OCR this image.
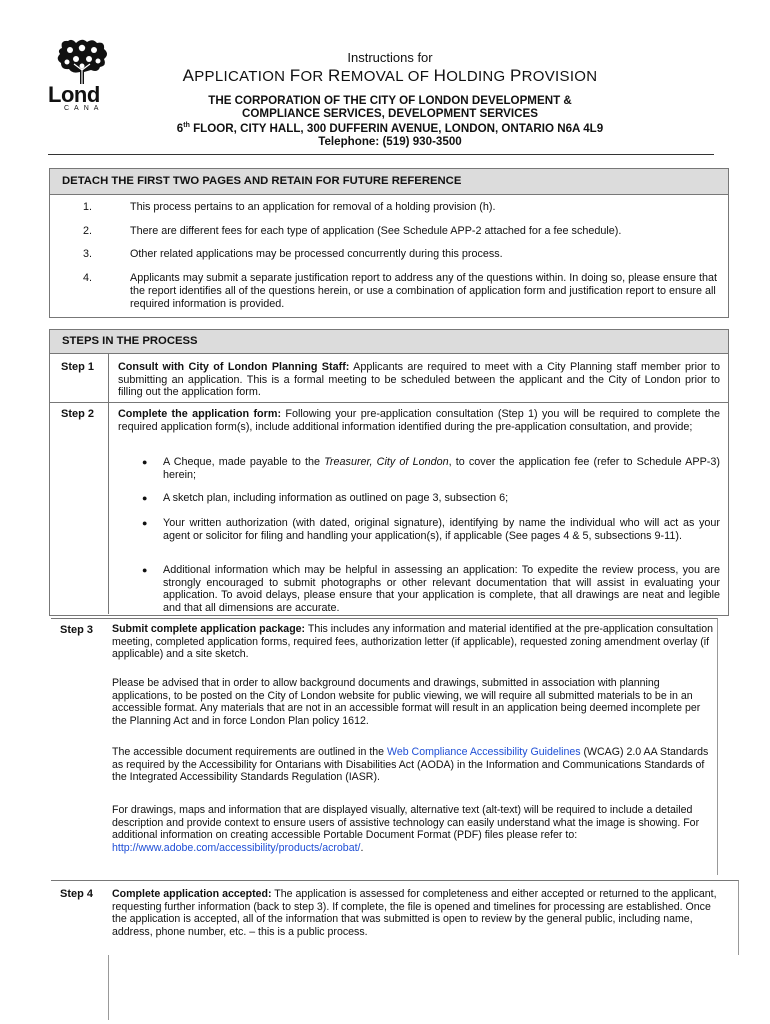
Lond
CANA
Instructions for
APPLICATION FOR REMOVAL OF HOLDING PROVISION
THE CORPORATION OF THE CITY OF LONDON DEVELOPMENT &
COMPLIANCE SERVICES, DEVELOPMENT SERVICES
6th FLOOR, CITY HALL, 300 DUFFERIN AVENUE, LONDON, ONTARIO N6A 4L9
Telephone: (519) 930-3500
DETACH THE FIRST TWO PAGES AND RETAIN FOR FUTURE REFERENCE
1.	This process pertains to an application for removal of a holding provision (h).
2.	There are different fees for each type of application (See Schedule APP-2 attached for a fee schedule).
3.	Other related applications may be processed concurrently during this process.
4.	Applicants may submit a separate justification report to address any of the questions within. In doing so, please ensure that the report identifies all of the questions herein, or use a combination of application form and justification report to ensure all required information is provided.
STEPS IN THE PROCESS
Step 1 Consult with City of London Planning Staff: Applicants are required to meet with a City Planning staff member prior to submitting an application. This is a formal meeting to be scheduled between the applicant and the City of London prior to filling out the application form.
Step 2 Complete the application form: Following your pre-application consultation (Step 1) you will be required to complete the required application form(s), include additional information identified during the pre-application consultation, and provide;
● A Cheque, made payable to the Treasurer, City of London, to cover the application fee (refer to Schedule APP-3) herein;
● A sketch plan, including information as outlined on page 3, subsection 6;
● Your written authorization (with dated, original signature), identifying by name the individual who will act as your agent or solicitor for filing and handling your application(s), if applicable (See pages 4 & 5, subsections 9-11).
● Additional information which may be helpful in assessing an application: To expedite the review process, you are strongly encouraged to submit photographs or other relevant documentation that will assist in evaluating your application. To avoid delays, please ensure that your application is complete, that all drawings are neat and legible and that all dimensions are accurate.
Step 3 Submit complete application package: This includes any information and material identified at the pre-application consultation meeting, completed application forms, required fees, authorization letter (if applicable), requested zoning amendment overlay (if applicable) and a site sketch.
Please be advised that in order to allow background documents and drawings, submitted in association with planning applications, to be posted on the City of London website for public viewing, we will require all submitted materials to be in an accessible format. Any materials that are not in an accessible format will result in an application being deemed incomplete per the Planning Act and in force London Plan policy 1612.
The accessible document requirements are outlined in the Web Compliance Accessibility Guidelines (WCAG) 2.0 AA Standards as required by the Accessibility for Ontarians with Disabilities Act (AODA) in the Information and Communications Standards of the Integrated Accessibility Standards Regulation (IASR).
For drawings, maps and information that are displayed visually, alternative text (alt-text) will be required to include a detailed description and provide context to ensure users of assistive technology can easily understand what the image is showing. For additional information on creating accessible Portable Document Format (PDF) files please refer to:
http://www.adobe.com/accessibility/products/acrobat/.
Step 4 Complete application accepted: The application is assessed for completeness and either accepted or returned to the applicant, requesting further information (back to step 3). If complete, the file is opened and timelines for processing are established. Once the application is accepted, all of the information that was submitted is open to review by the general public, including name, address, phone number, etc. – this is a public process.
